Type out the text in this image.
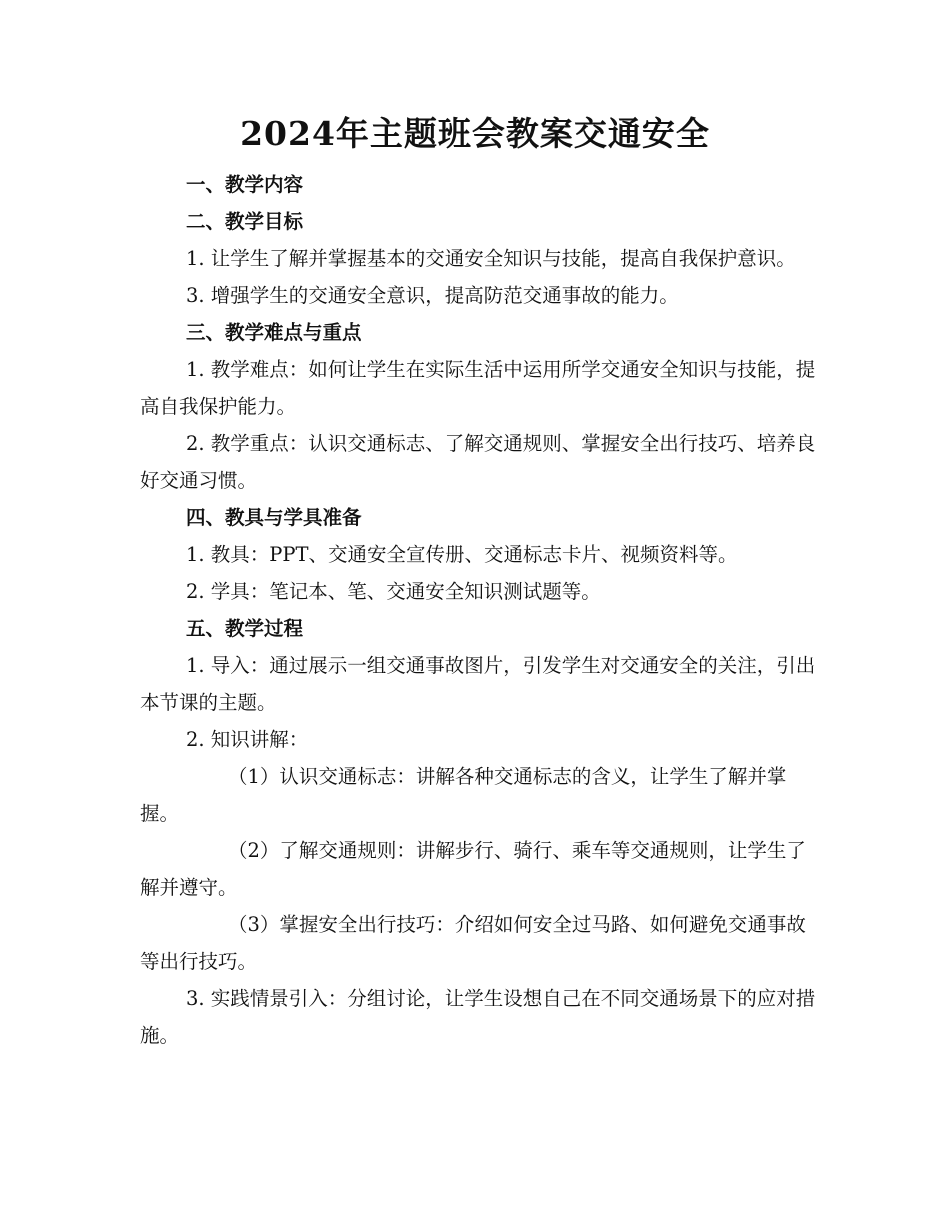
2024年主题班会教案交通安全

一、教学内容

二、教学目标

1. 让学生了解并掌握基本的交通安全知识与技能，提高自我保护意识。

3. 增强学生的交通安全意识，提高防范交通事故的能力。

三、教学难点与重点

1. 教学难点：如何让学生在实际生活中运用所学交通安全知识与技能，提高自我保护能力。

2. 教学重点：认识交通标志、了解交通规则、掌握安全出行技巧、培养良好交通习惯。

四、教具与学具准备

1. 教具：PPT、交通安全宣传册、交通标志卡片、视频资料等。

2. 学具：笔记本、笔、交通安全知识测试题等。

五、教学过程

1. 导入：通过展示一组交通事故图片，引发学生对交通安全的关注，引出本节课的主题。

2. 知识讲解：

（1）认识交通标志：讲解各种交通标志的含义，让学生了解并掌握。

（2）了解交通规则：讲解步行、骑行、乘车等交通规则，让学生了解并遵守。

（3）掌握安全出行技巧：介绍如何安全过马路、如何避免交通事故等出行技巧。

3. 实践情景引入：分组讨论，让学生设想自己在不同交通场景下的应对措施。
